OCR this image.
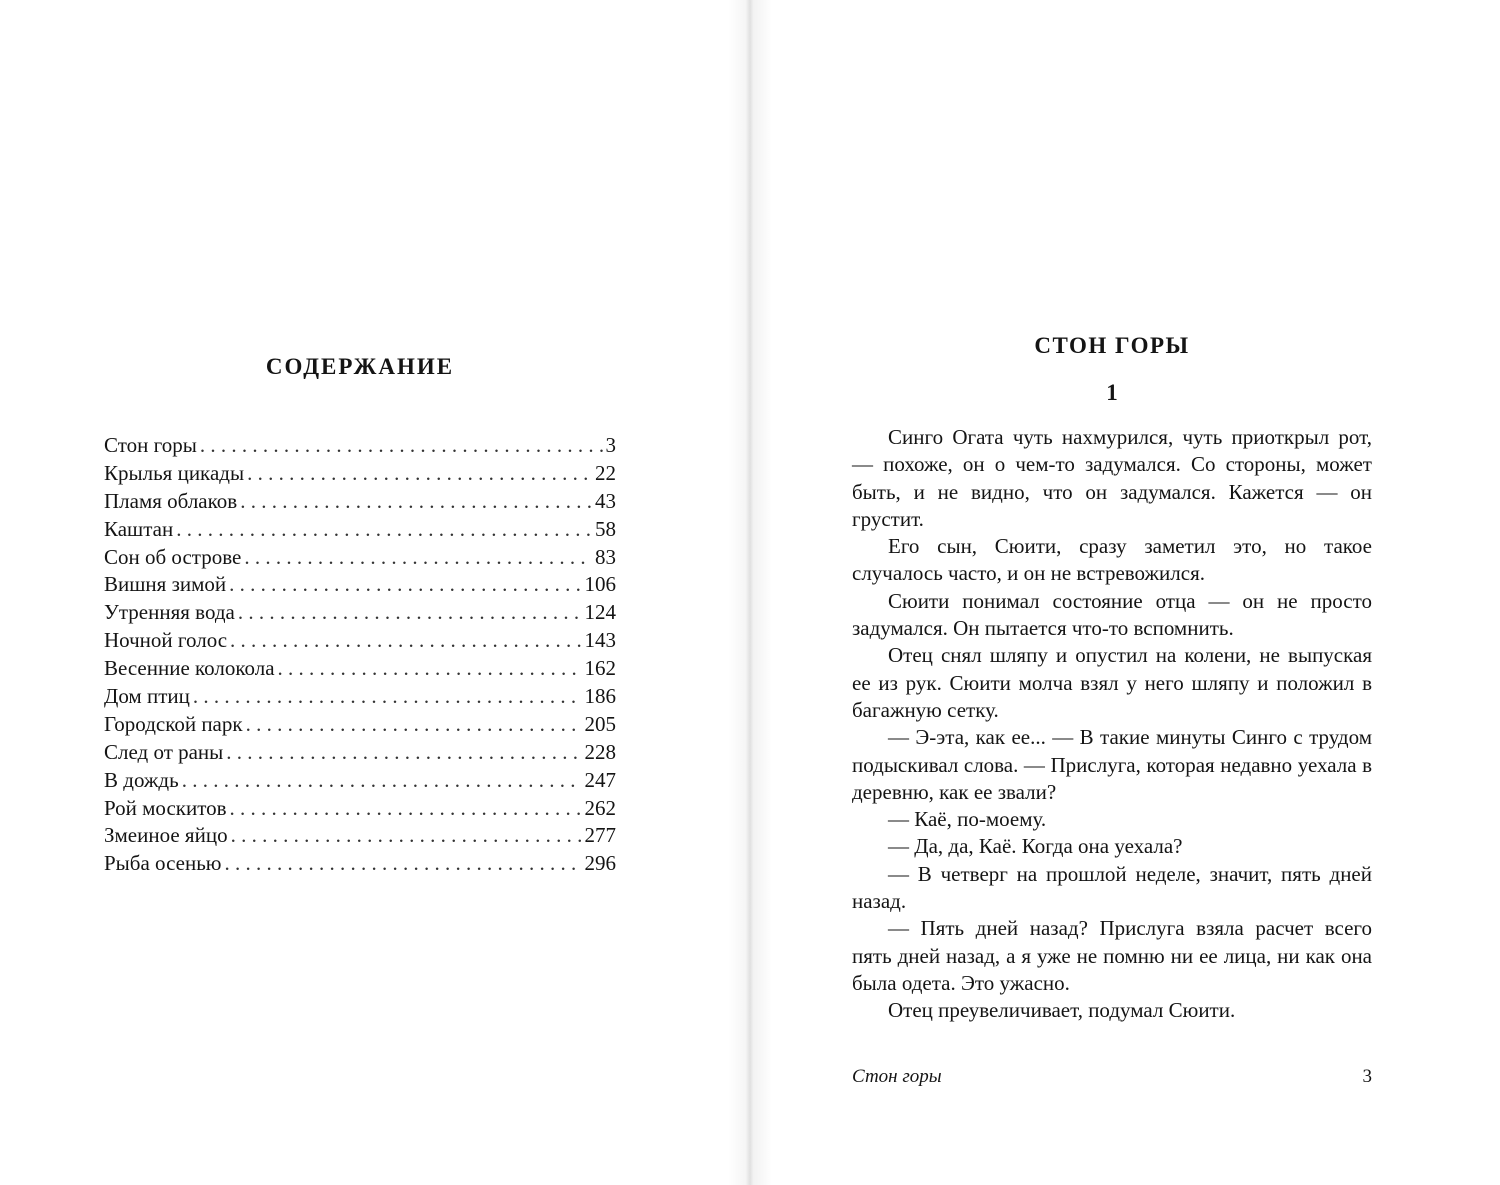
СОДЕРЖАНИЕ
Стон горы . . .	3
Крылья цикады . . .	22
Пламя облаков . . .	43
Каштан . . .	58
Сон об острове . . .	83
Вишня зимой . . .	106
Утренняя вода . . .	124
Ночной голос . . .	143
Весенние колокола . . .	162
Дом птиц . . .	186
Городской парк . . .	205
След от раны . . .	228
В дождь . . .	247
Рой москитов . . .	262
Змеиное яйцо . . .	277
Рыба осенью . . .	296
СТОН ГОРЫ
1

Синго Огата чуть нахмурился, чуть приоткрыл рот, — похоже, он о чем-то задумался. Со стороны, может быть, и не видно, что он задумался. Кажется — он грустит.

Его сын, Сюити, сразу заметил это, но такое случалось часто, и он не встревожился.

Сюити понимал состояние отца — он не просто задумался. Он пытается что-то вспомнить.

Отец снял шляпу и опустил на колени, не выпуская ее из рук. Сюити молча взял у него шляпу и положил в багажную сетку.

— Э-эта, как ее... — В такие минуты Синго с трудом подыскивал слова. — Прислуга, которая недавно уехала в деревню, как ее звали?

— Каё, по-моему.

— Да, да, Каё. Когда она уехала?

— В четверг на прошлой неделе, значит, пять дней назад.

— Пять дней назад? Прислуга взяла расчет всего пять дней назад, а я уже не помню ни ее лица, ни как она была одета. Это ужасно.

Отец преувеличивает, подумал Сюити.

Стон горы	3
